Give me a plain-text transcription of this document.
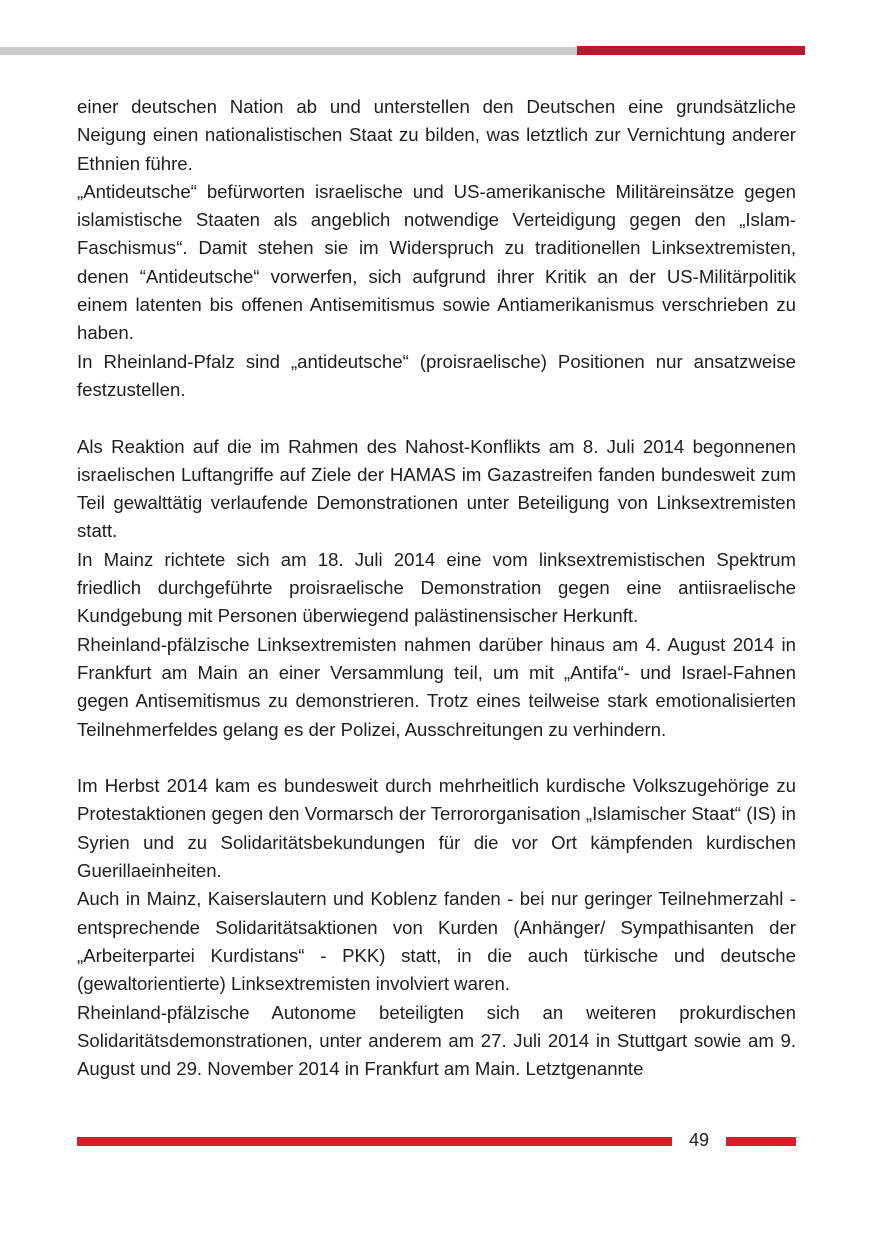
einer deutschen Nation ab und unterstellen den Deutschen eine grundsätzliche Neigung einen nationalistischen Staat zu bilden, was letztlich zur Vernichtung anderer Ethnien führe.

„Antideutsche“ befürworten israelische und US-amerikanische Militäreinsätze gegen islamistische Staaten als angeblich notwendige Verteidigung gegen den „Islam-Faschismus“. Damit stehen sie im Widerspruch zu traditionellen Linksextremisten, denen “Antideutsche“ vorwerfen, sich aufgrund ihrer Kritik an der US-Militärpolitik einem latenten bis offenen Antisemitismus sowie Antiamerikanismus verschrieben zu haben.

In Rheinland-Pfalz sind „antideutsche“ (proisraelische) Positionen nur ansatzweise festzustellen.

Als Reaktion auf die im Rahmen des Nahost-Konflikts am 8. Juli 2014 begonnenen israelischen Luftangriffe auf Ziele der HAMAS im Gazastreifen fanden bundesweit zum Teil gewalttätig verlaufende Demonstrationen unter Beteiligung von Linksextremisten statt.

In Mainz richtete sich am 18. Juli 2014 eine vom linksextremistischen Spektrum friedlich durchgeführte proisraelische Demonstration gegen eine antiisraelische Kundgebung mit Personen überwiegend palästinensischer Herkunft.

Rheinland-pfälzische Linksextremisten nahmen darüber hinaus am 4. August 2014 in Frankfurt am Main an einer Versammlung teil, um mit „Antifa“- und Israel-Fahnen gegen Antisemitismus zu demonstrieren. Trotz eines teilweise stark emotionalisierten Teilnehmerfeldes gelang es der Polizei, Ausschreitungen zu verhindern.

Im Herbst 2014 kam es bundesweit durch mehrheitlich kurdische Volkszugehörige zu Protestaktionen gegen den Vormarsch der Terrororganisation „Islamischer Staat“ (IS) in Syrien und zu Solidaritätsbekundungen für die vor Ort kämpfenden kurdischen Guerillaeinheiten.

Auch in Mainz, Kaiserslautern und Koblenz fanden - bei nur geringer Teilnehmerzahl - entsprechende Solidaritätsaktionen von Kurden (Anhänger/ Sympathisanten der „Arbeiterpartei Kurdistans“ - PKK) statt, in die auch türkische und deutsche (gewaltorientierte) Linksextremisten involviert waren.

Rheinland-pfälzische Autonome beteiligten sich an weiteren prokurdischen Solidaritätsdemonstrationen, unter anderem am 27. Juli 2014 in Stuttgart sowie am 9. August und 29. November 2014 in Frankfurt am Main. Letztgenannte

49
